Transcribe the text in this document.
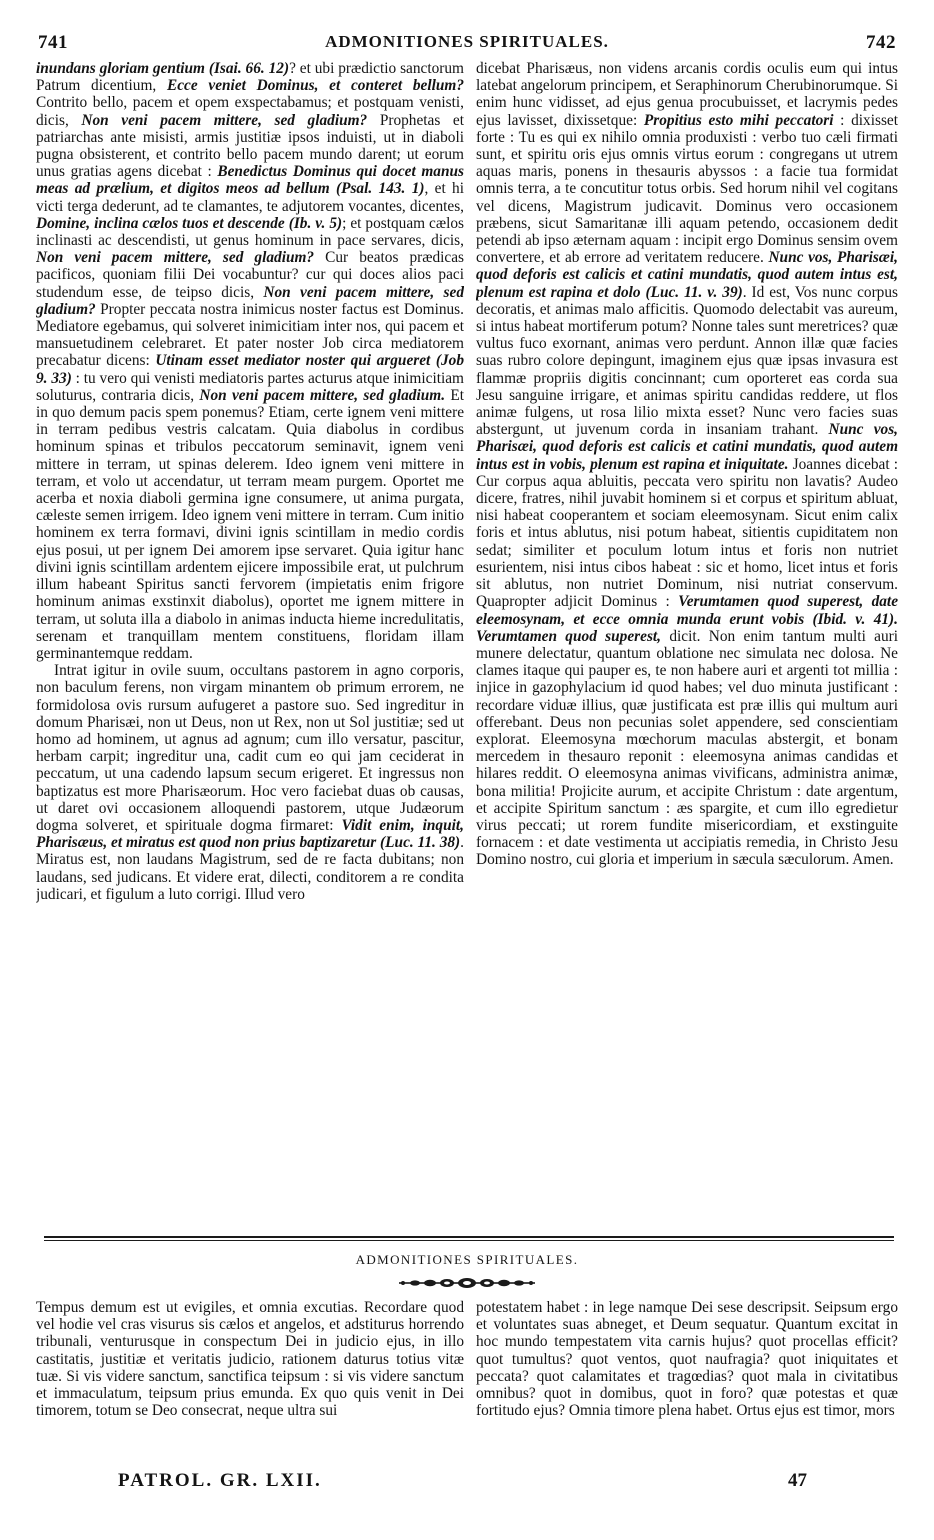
741	ADMONITIONES SPIRITUALES.	742

inundans gloriam gentium (Isai. 66. 12)? et ubi prædictio sanctorum Patrum dicentium, Ecce veniet Dominus, et conteret bellum? Contrito bello, pacem et opem exspectabamus; et postquam venisti, dicis, Non veni pacem mittere, sed gladium? Prophetas et patriarchas ante misisti, armis justitiæ ipsos induisti, ut in diaboli pugna obsisterent, et contrito bello pacem mundo darent; ut eorum unus gratias agens dicebat : Benedictus Dominus qui docet manus meas ad prælium, et digitos meos ad bellum (Psal. 143. 1), et hi victi terga dederunt, ad te clamantes, te adjutorem vocantes, dicentes, Domine, inclina cælos tuos et descende (Ib. v. 5); et postquam cælos inclinasti ac descendisti, ut genus hominum in pace servares, dicis, Non veni pacem mittere, sed gladium? Cur beatos prædicas pacificos, quoniam filii Dei vocabuntur? cur qui doces alios paci studendum esse, de teipso dicis, Non veni pacem mittere, sed gladium? Propter peccata nostra inimicus noster factus est Dominus. Mediatore egebamus, qui solveret inimicitiam inter nos, qui pacem et mansuetudinem celebraret. Et pater noster Job circa mediatorem precabatur dicens: Utinam esset mediator noster qui argueret (Job 9. 33) : tu vero qui venisti mediatoris partes acturus atque inimicitiam soluturus, contraria dicis, Non veni pacem mittere, sed gladium. Et in quo demum pacis spem ponemus? Etiam, certe ignem veni mittere in terram pedibus vestris calcatam. Quia diabolus in cordibus hominum spinas et tribulos peccatorum seminavit, ignem veni mittere in terram, ut spinas delerem. Ideo ignem veni mittere in terram, et volo ut accendatur, ut terram meam purgem. Oportet me acerba et noxia diaboli germina igne consumere, ut anima purgata, cæleste semen irrigem. Ideo ignem veni mittere in terram. Cum initio hominem ex terra formavi, divini ignis scintillam in medio cordis ejus posui, ut per ignem Dei amorem ipse servaret. Quia igitur hanc divini ignis scintillam ardentem ejicere impossibile erat, ut pulchrum illum habeant Spiritus sancti fervorem (impietatis enim frigore hominum animas exstinxit diabolus), oportet me ignem mittere in terram, ut soluta illa a diabolo in animas inducta hieme incredulitatis, serenam et tranquillam mentem constituens, floridam illam germinantemque reddam.

Intrat igitur in ovile suum, occultans pastorem in agno corporis, non baculum ferens, non virgam minantem ob primum errorem, ne formidolosa ovis rursum aufugeret a pastore suo. Sed ingreditur in domum Pharisæi, non ut Deus, non ut Rex, non ut Sol justitiæ; sed ut homo ad hominem, ut agnus ad agnum; cum illo versatur, pascitur, herbam carpit; ingreditur una, cadit cum eo qui jam ceciderat in peccatum, ut una cadendo lapsum secum erigeret. Et ingressus non baptizatus est more Pharisæorum. Hoc vero faciebat duas ob causas, ut daret ovi occasionem alloquendi pastorem, utque Judæorum dogma solveret, et spirituale dogma firmaret: Vidit enim, inquit, Pharisæus, et miratus est quod non prius baptizaretur (Luc. 11. 38). Miratus est, non laudans Magistrum, sed de re facta dubitans; non laudans, sed judicans. Et videre erat, dilecti, conditorem a re condita judicari, et figulum a luto corrigi. Illud vero

dicebat Pharisæus, non videns arcanis cordis oculis eum qui intus latebat angelorum principem, et Seraphinorum Cherubinorumque. Si enim hunc vidisset, ad ejus genua procubuisset, et lacrymis pedes ejus lavisset, dixissetque: Propitius esto mihi peccatori : dixisset forte : Tu es qui ex nihilo omnia produxisti : verbo tuo cæli firmati sunt, et spiritu oris ejus omnis virtus eorum : congregans ut utrem aquas maris, ponens in thesauris abyssos : a facie tua formidat omnis terra, a te concutitur totus orbis. Sed horum nihil vel cogitans vel dicens, Magistrum judicavit. Dominus vero occasionem præbens, sicut Samaritanæ illi aquam petendo, occasionem dedit petendi ab ipso æternam aquam : incipit ergo Dominus sensim ovem convertere, et ab errore ad veritatem reducere. Nunc vos, Pharisæi, quod deforis est calicis et catini mundatis, quod autem intus est, plenum est rapina et dolo (Luc. 11. v. 39). Id est, Vos nunc corpus decoratis, et animas malo afficitis. Quomodo delectabit vas aureum, si intus habeat mortiferum potum? Nonne tales sunt meretrices? quæ vultus fuco exornant, animas vero perdunt. Annon illæ quæ facies suas rubro colore depingunt, imaginem ejus quæ ipsas invasura est flammæ propriis digitis concinnant; cum oporteret eas corda sua Jesu sanguine irrigare, et animas spiritu candidas reddere, ut flos animæ fulgens, ut rosa lilio mixta esset? Nunc vero facies suas abstergunt, ut juvenum corda in insaniam trahant. Nunc vos, Pharisæi, quod deforis est calicis et catini mundatis, quod autem intus est in vobis, plenum est rapina et iniquitate. Joannes dicebat : Cur corpus aqua abluitis, peccata vero spiritu non lavatis? Audeo dicere, fratres, nihil juvabit hominem si et corpus et spiritum abluat, nisi habeat cooperantem et sociam eleemosynam. Sicut enim calix foris et intus ablutus, nisi potum habeat, sitientis cupiditatem non sedat; similiter et poculum lotum intus et foris non nutriet esurientem, nisi intus cibos habeat : sic et homo, licet intus et foris sit ablutus, non nutriet Dominum, nisi nutriat conservum. Quapropter adjicit Dominus : Verumtamen quod superest, date eleemosynam, et ecce omnia munda erunt vobis (Ibid. v. 41). Verumtamen quod superest, dicit. Non enim tantum multi auri munere delectatur, quantum oblatione nec simulata nec dolosa. Ne clames itaque qui pauper es, te non habere auri et argenti tot millia : injice in gazophylacium id quod habes; vel duo minuta justificant : recordare viduæ illius, quæ justificata est præ illis qui multum auri offerebant. Deus non pecunias solet appendere, sed conscientiam explorat. Eleemosyna mœchorum maculas abstergit, et bonam mercedem in thesauro reponit : eleemosyna animas candidas et hilares reddit. O eleemosyna animas vivificans, administra animæ, bona militia! Projicite aurum, et accipite Christum : date argentum, et accipite Spiritum sanctum : æs spargite, et cum illo egredietur virus peccati; ut rorem fundite misericordiam, et exstinguite fornacem : et date vestimenta ut accipiatis remedia, in Christo Jesu Domino nostro, cui gloria et imperium in sæcula sæculorum. Amen.

ADMONITIONES SPIRITUALES.

Tempus demum est ut evigiles, et omnia excutias. Recordare quod vel hodie vel cras visurus sis cælos et angelos, et adstiturus horrendo tribunali, venturusque in conspectum Dei in judicio ejus, in illo castitatis, justitiæ et veritatis judicio, rationem daturus totius vitæ tuæ. Si vis videre sanctum, sanctifica teipsum : si vis videre sanctum et immaculatum, teipsum prius emunda. Ex quo quis venit in Dei timorem, totum se Deo consecrat, neque ultra sui

potestatem habet : in lege namque Dei sese descripsit. Seipsum ergo et voluntates suas abneget, et Deum sequatur. Quantum excitat in hoc mundo tempestatem vita carnis hujus? quot procellas efficit? quot tumultus? quot ventos, quot naufragia? quot iniquitates et peccata? quot calamitates et tragœdias? quot mala in civitatibus omnibus? quot in domibus, quot in foro? quæ potestas et quæ fortitudo ejus? Omnia timore plena habet. Ortus ejus est timor, mors

PATROL. GR. LXII.	47
